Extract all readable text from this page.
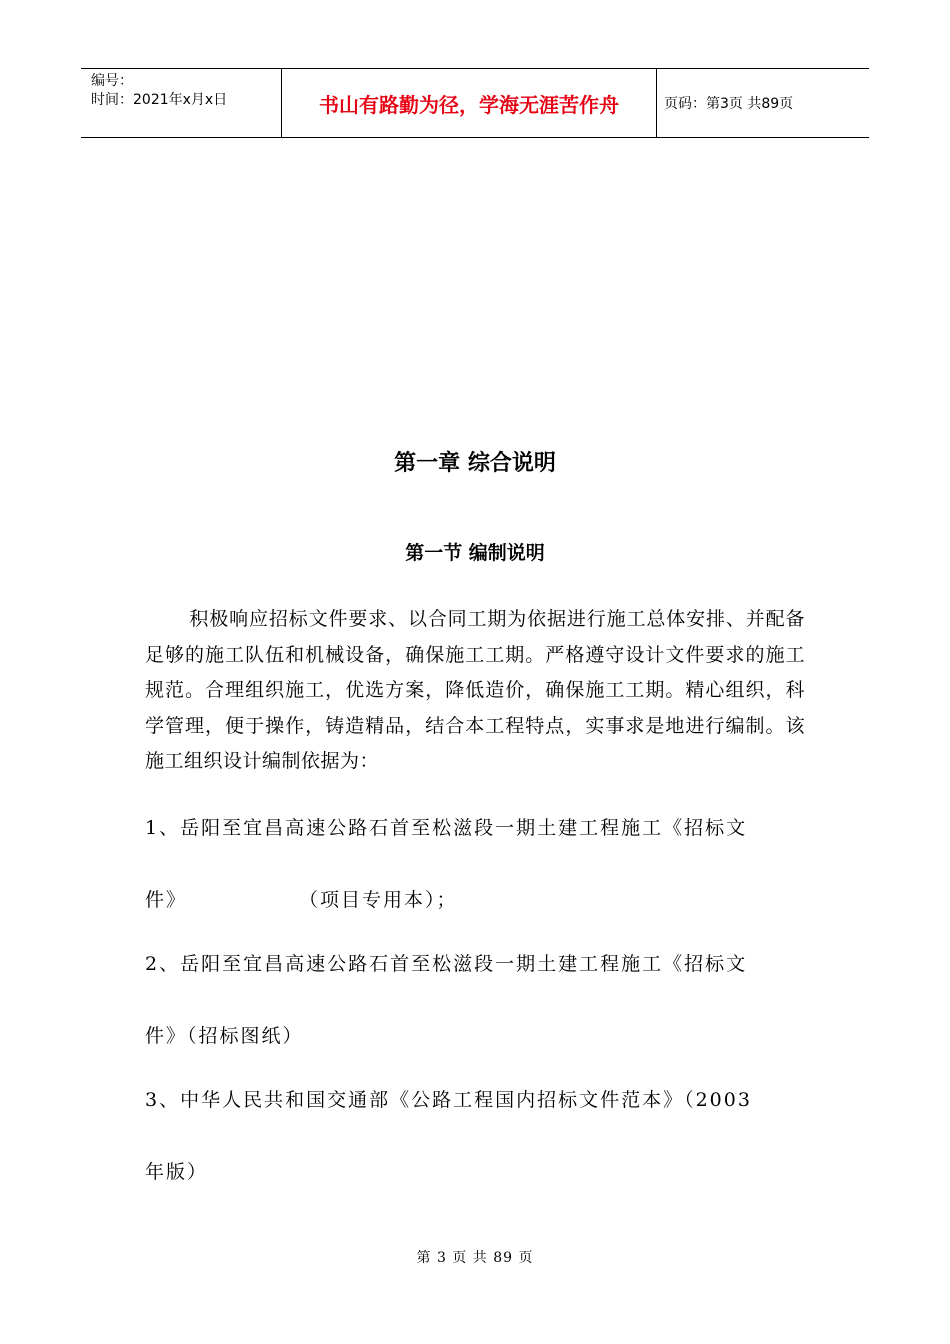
编号：
时间：2021年x月x日	书山有路勤为径，学海无涯苦作舟	页码：第3页 共89页
第一章 综合说明
第一节 编制说明

积极响应招标文件要求、以合同工期为依据进行施工总体安排、并配备足够的施工队伍和机械设备，确保施工工期。严格遵守设计文件要求的施工规范。合理组织施工，优选方案，降低造价，确保施工工期。精心组织，科学管理，便于操作，铸造精品，结合本工程特点，实事求是地进行编制。该施工组织设计编制依据为：

1、岳阳至宜昌高速公路石首至松滋段一期土建工程施工《招标文

件》	（项目专用本）；

2、岳阳至宜昌高速公路石首至松滋段一期土建工程施工《招标文

件》（招标图纸）

3、中华人民共和国交通部《公路工程国内招标文件范本》（2003

年版）

第 3 页 共 89 页
